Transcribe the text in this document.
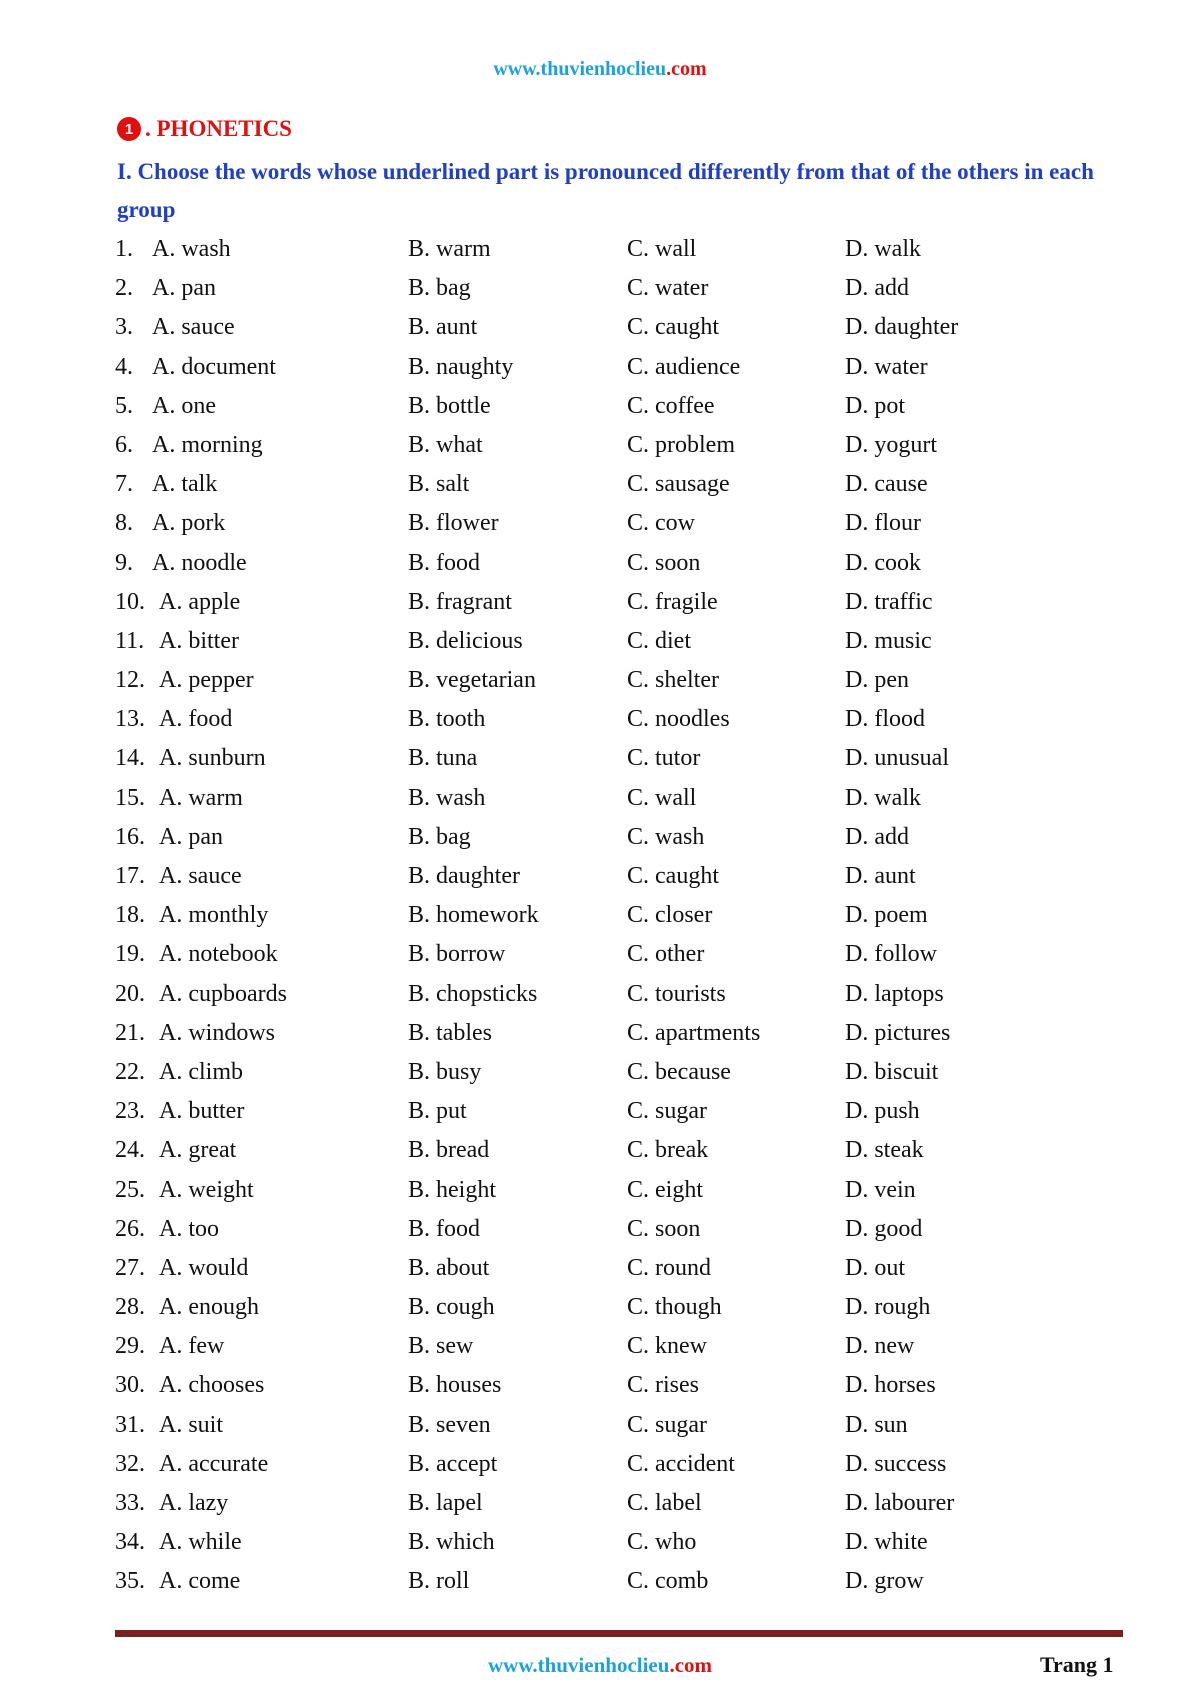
www.thuvienhoclieu.com
1 . PHONETICS
I. Choose the words whose underlined part is pronounced differently from that of the others in each group
1. A. wash	B. warm	C. wall	D. walk
2. A. pan	B. bag	C. water	D. add
3. A. sauce	B. aunt	C. caught	D. daughter
4. A. document	B. naughty	C. audience	D. water
5. A. one	B. bottle	C. coffee	D. pot
6. A. morning	B. what	C. problem	D. yogurt
7. A. talk	B. salt	C. sausage	D. cause
8. A. pork	B. flower	C. cow	D. flour
9. A. noodle	B. food	C. soon	D. cook
10. A. apple	B. fragrant	C. fragile	D. traffic
11. A. bitter	B. delicious	C. diet	D. music
12. A. pepper	B. vegetarian	C. shelter	D. pen
13. A. food	B. tooth	C. noodles	D. flood
14. A. sunburn	B. tuna	C. tutor	D. unusual
15. A. warm	B. wash	C. wall	D. walk
16. A. pan	B. bag	C. wash	D. add
17. A. sauce	B. daughter	C. caught	D. aunt
18. A. monthly	B. homework	C. closer	D. poem
19. A. notebook	B. borrow	C. other	D. follow
20. A. cupboards	B. chopsticks	C. tourists	D. laptops
21. A. windows	B. tables	C. apartments	D. pictures
22. A. climb	B. busy	C. because	D. biscuit
23. A. butter	B. put	C. sugar	D. push
24. A. great	B. bread	C. break	D. steak
25. A. weight	B. height	C. eight	D. vein
26. A. too	B. food	C. soon	D. good
27. A. would	B. about	C. round	D. out
28. A. enough	B. cough	C. though	D. rough
29. A. few	B. sew	C. knew	D. new
30. A. chooses	B. houses	C. rises	D. horses
31. A. suit	B. seven	C. sugar	D. sun
32. A. accurate	B. accept	C. accident	D. success
33. A. lazy	B. lapel	C. label	D. labourer
34. A. while	B. which	C. who	D. white
35. A. come	B. roll	C. comb	D. grow
www.thuvienhoclieu.com	Trang 1
